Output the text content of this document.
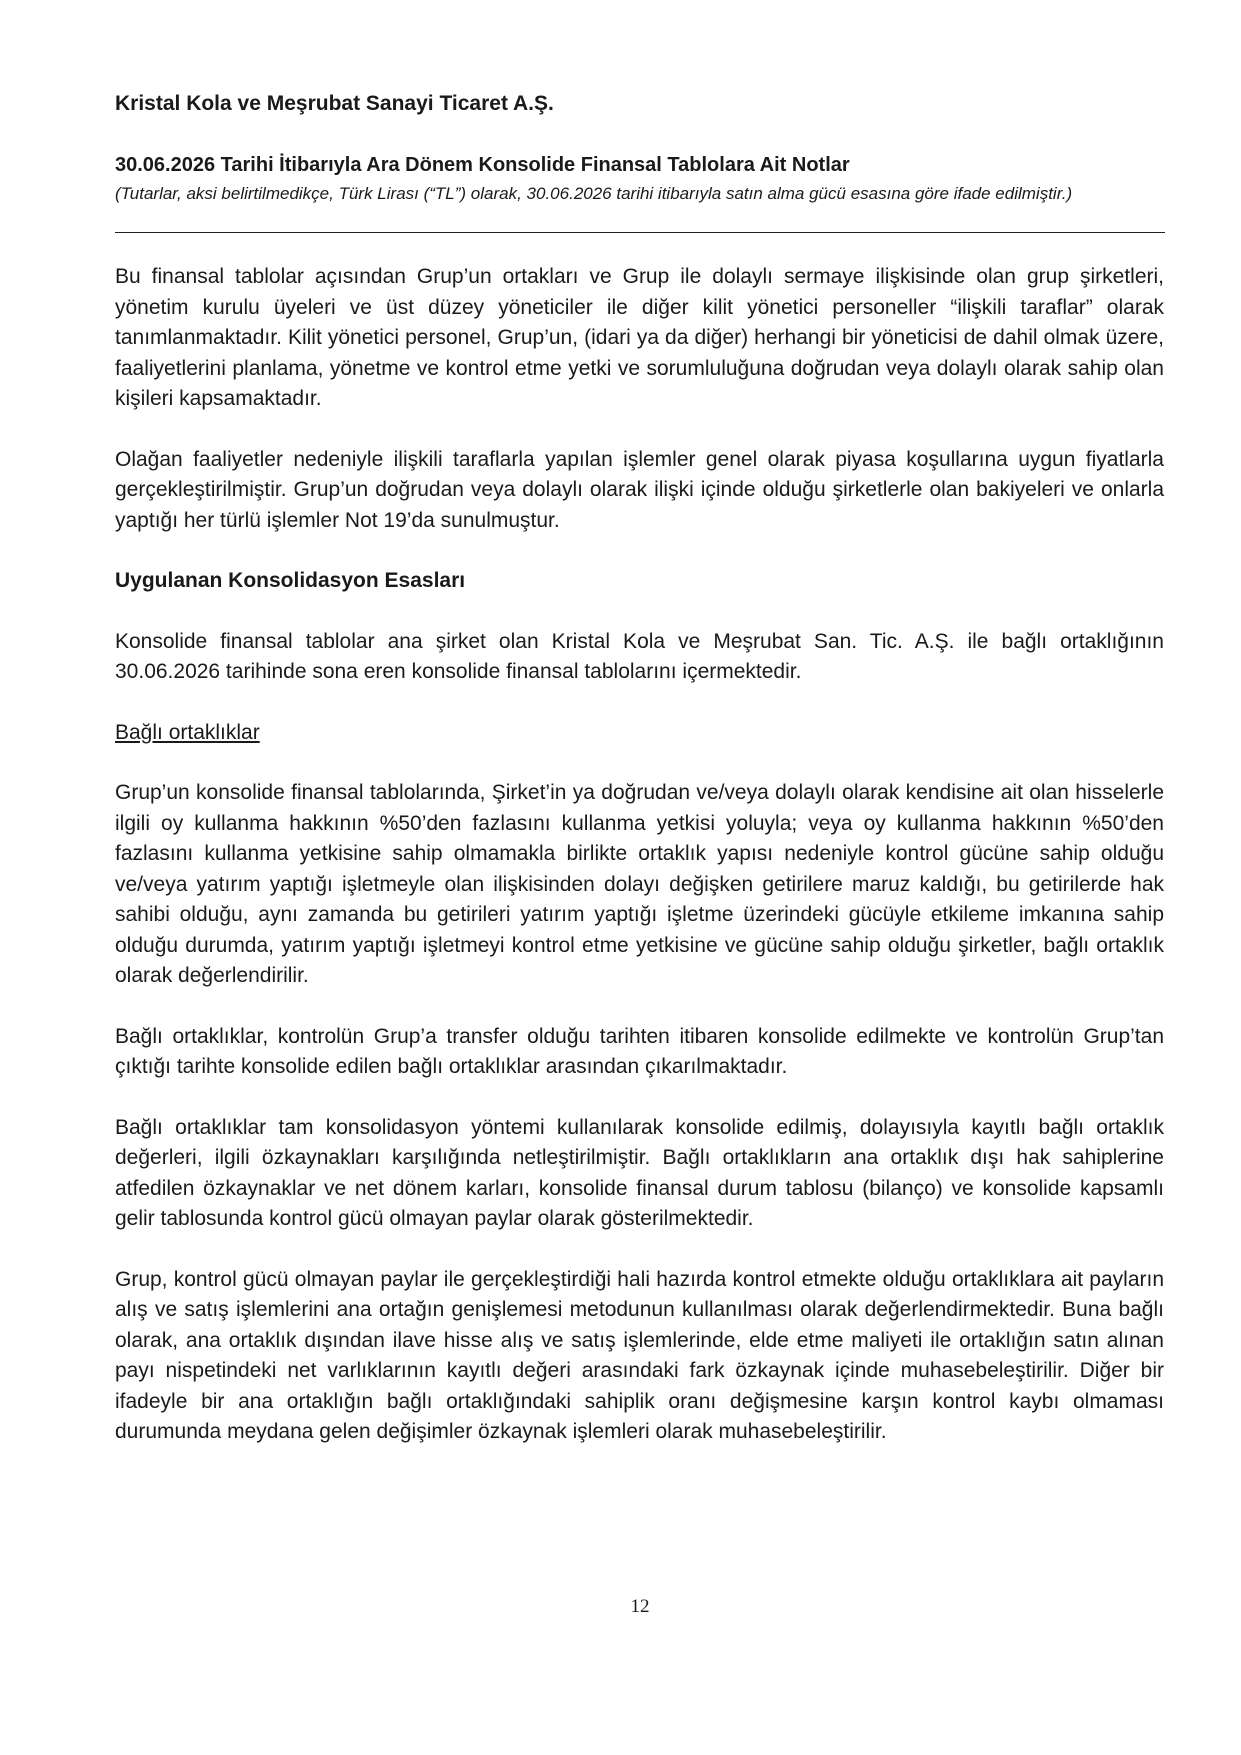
Kristal Kola ve Meşrubat Sanayi Ticaret A.Ş.

30.06.2026 Tarihi İtibarıyla Ara Dönem Konsolide Finansal Tablolara Ait Notlar

(Tutarlar, aksi belirtilmedikçe, Türk Lirası (“TL”) olarak, 30.06.2026 tarihi itibarıyla satın alma gücü esasına göre ifade edilmiştir.)

Bu finansal tablolar açısından Grup’un ortakları ve Grup ile dolaylı sermaye ilişkisinde olan grup şirketleri, yönetim kurulu üyeleri ve üst düzey yöneticiler ile diğer kilit yönetici personeller “ilişkili taraflar” olarak tanımlanmaktadır. Kilit yönetici personel, Grup’un, (idari ya da diğer) herhangi bir yöneticisi de dahil olmak üzere, faaliyetlerini planlama, yönetme ve kontrol etme yetki ve sorumluluğuna doğrudan veya dolaylı olarak sahip olan kişileri kapsamaktadır.

Olağan faaliyetler nedeniyle ilişkili taraflarla yapılan işlemler genel olarak piyasa koşullarına uygun fiyatlarla gerçekleştirilmiştir. Grup’un doğrudan veya dolaylı olarak ilişki içinde olduğu şirketlerle olan bakiyeleri ve onlarla yaptığı her türlü işlemler Not 19’da sunulmuştur.

Uygulanan Konsolidasyon Esasları

Konsolide finansal tablolar ana şirket olan Kristal Kola ve Meşrubat San. Tic. A.Ş. ile bağlı ortaklığının 30.06.2026 tarihinde sona eren konsolide finansal tablolarını içermektedir.

Bağlı ortaklıklar

Grup’un konsolide finansal tablolarında, Şirket’in ya doğrudan ve/veya dolaylı olarak kendisine ait olan hisselerle ilgili oy kullanma hakkının %50’den fazlasını kullanma yetkisi yoluyla; veya oy kullanma hakkının %50’den fazlasını kullanma yetkisine sahip olmamakla birlikte ortaklık yapısı nedeniyle kontrol gücüne sahip olduğu ve/veya yatırım yaptığı işletmeyle olan ilişkisinden dolayı değişken getirilere maruz kaldığı, bu getirilerde hak sahibi olduğu, aynı zamanda bu getirileri yatırım yaptığı işletme üzerindeki gücüyle etkileme imkanına sahip olduğu durumda, yatırım yaptığı işletmeyi kontrol etme yetkisine ve gücüne sahip olduğu şirketler, bağlı ortaklık olarak değerlendirilir.

Bağlı ortaklıklar, kontrolün Grup’a transfer olduğu tarihten itibaren konsolide edilmekte ve kontrolün Grup’tan çıktığı tarihte konsolide edilen bağlı ortaklıklar arasından çıkarılmaktadır.

Bağlı ortaklıklar tam konsolidasyon yöntemi kullanılarak konsolide edilmiş, dolayısıyla kayıtlı bağlı ortaklık değerleri, ilgili özkaynakları karşılığında netleştirilmiştir. Bağlı ortaklıkların ana ortaklık dışı hak sahiplerine atfedilen özkaynaklar ve net dönem karları, konsolide finansal durum tablosu (bilanço) ve konsolide kapsamlı gelir tablosunda kontrol gücü olmayan paylar olarak gösterilmektedir.

Grup, kontrol gücü olmayan paylar ile gerçekleştirdiği hali hazırda kontrol etmekte olduğu ortaklıklara ait payların alış ve satış işlemlerini ana ortağın genişlemesi metodunun kullanılması olarak değerlendirmektedir. Buna bağlı olarak, ana ortaklık dışından ilave hisse alış ve satış işlemlerinde, elde etme maliyeti ile ortaklığın satın alınan payı nispetindeki net varlıklarının kayıtlı değeri arasındaki fark özkaynak içinde muhasebeleştirilir. Diğer bir ifadeyle bir ana ortaklığın bağlı ortaklığındaki sahiplik oranı değişmesine karşın kontrol kaybı olmaması durumunda meydana gelen değişimler özkaynak işlemleri olarak muhasebeleştirilir.

12
